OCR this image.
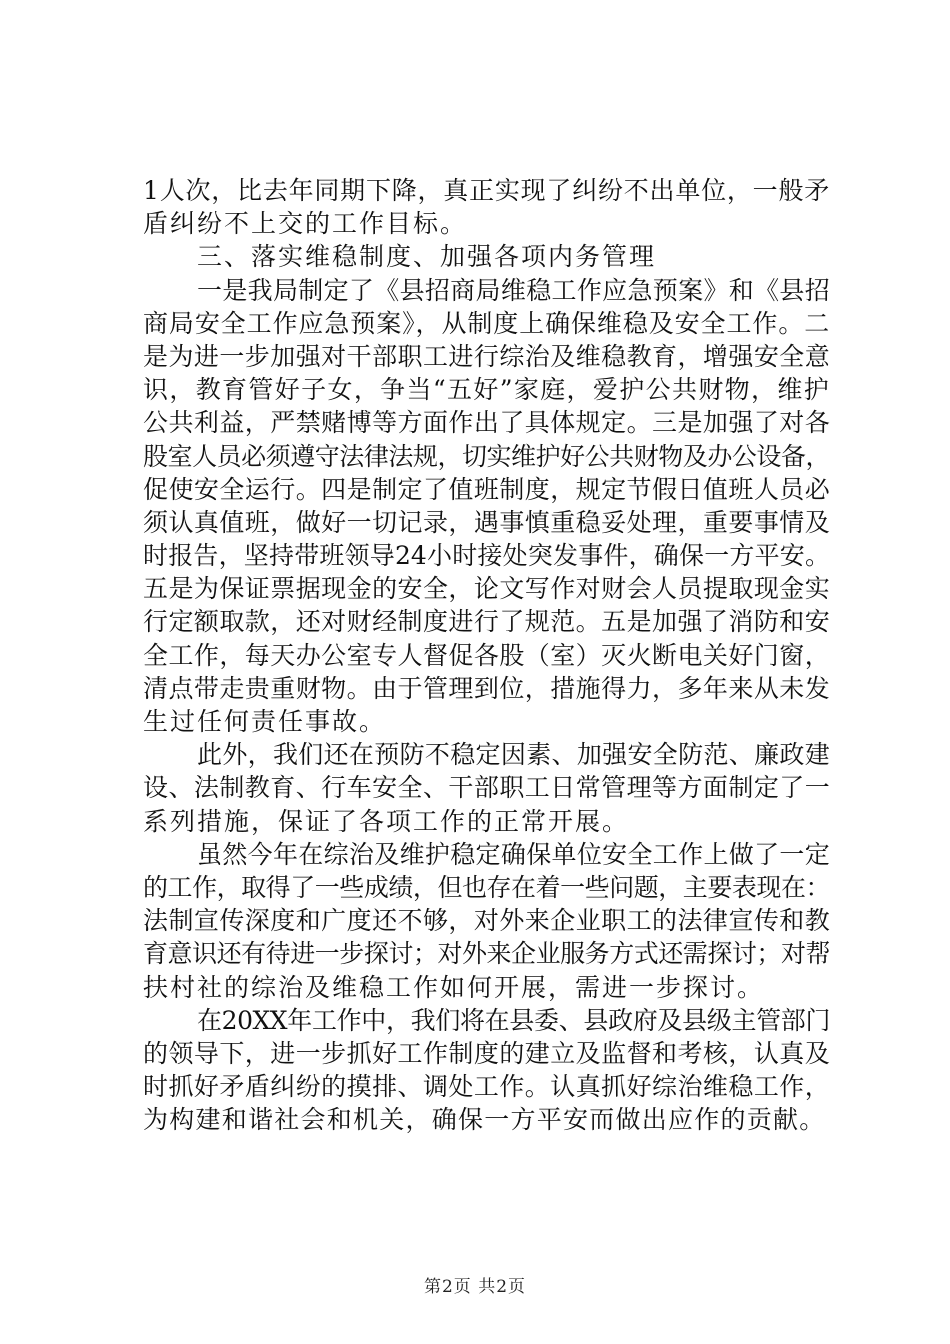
1人次，比去年同期下降，真正实现了纠纷不出单位，一般矛
盾纠纷不上交的工作目标。
三、落实维稳制度、加强各项内务管理
一是我局制定了《县招商局维稳工作应急预案》和《县招
商局安全工作应急预案》，从制度上确保维稳及安全工作。二
是为进一步加强对干部职工进行综治及维稳教育，增强安全意
识，教育管好子女，争当“五好”家庭，爱护公共财物，维护
公共利益，严禁赌博等方面作出了具体规定。三是加强了对各
股室人员必须遵守法律法规，切实维护好公共财物及办公设备，
促使安全运行。四是制定了值班制度，规定节假日值班人员必
须认真值班，做好一切记录，遇事慎重稳妥处理，重要事情及
时报告，坚持带班领导24小时接处突发事件，确保一方平安。
五是为保证票据现金的安全，论文写作对财会人员提取现金实
行定额取款，还对财经制度进行了规范。五是加强了消防和安
全工作，每天办公室专人督促各股（室）灭火断电关好门窗，
清点带走贵重财物。由于管理到位，措施得力，多年来从未发
生过任何责任事故。
此外，我们还在预防不稳定因素、加强安全防范、廉政建
设、法制教育、行车安全、干部职工日常管理等方面制定了一
系列措施，保证了各项工作的正常开展。
虽然今年在综治及维护稳定确保单位安全工作上做了一定
的工作，取得了一些成绩，但也存在着一些问题，主要表现在：
法制宣传深度和广度还不够，对外来企业职工的法律宣传和教
育意识还有待进一步探讨；对外来企业服务方式还需探讨；对帮
扶村社的综治及维稳工作如何开展，需进一步探讨。
在20XX年工作中，我们将在县委、县政府及县级主管部门
的领导下，进一步抓好工作制度的建立及监督和考核，认真及
时抓好矛盾纠纷的摸排、调处工作。认真抓好综治维稳工作，
为构建和谐社会和机关，确保一方平安而做出应作的贡献。
第2页 共2页
